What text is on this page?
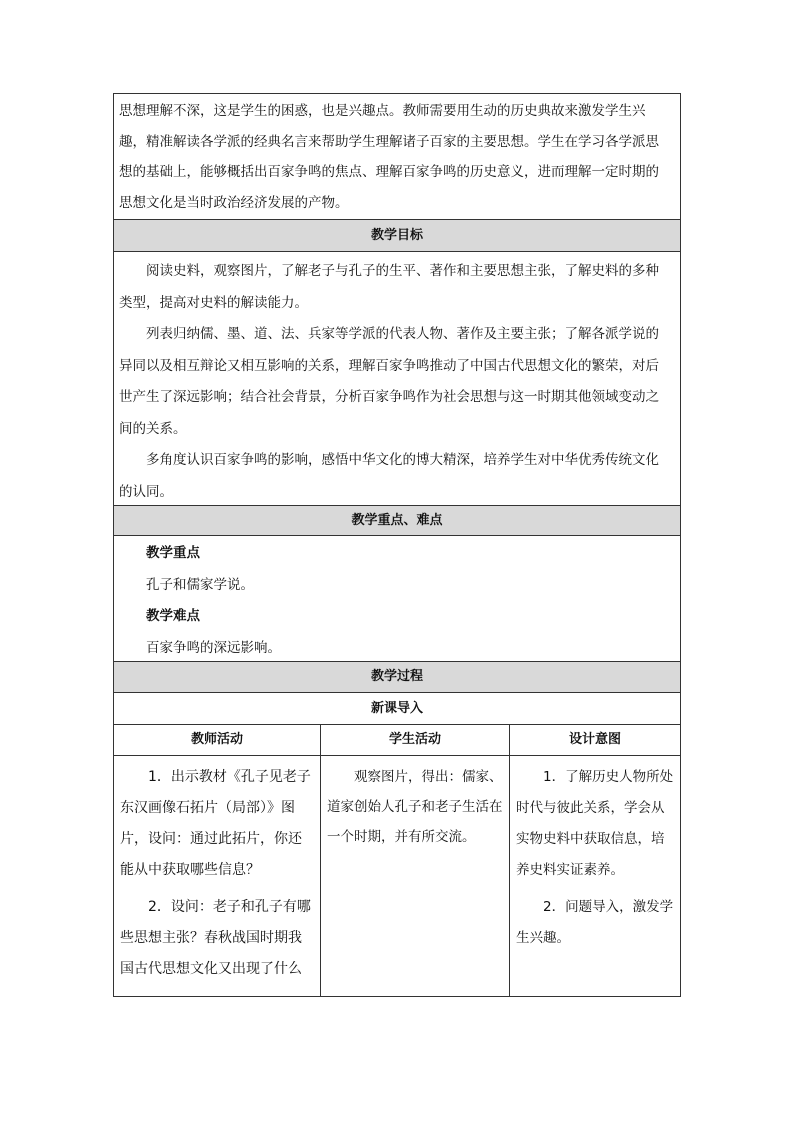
思想理解不深，这是学生的困惑，也是兴趣点。教师需要用生动的历史典故来激发学生兴趣，精准解读各学派的经典名言来帮助学生理解诸子百家的主要思想。学生在学习各学派思想的基础上，能够概括出百家争鸣的焦点、理解百家争鸣的历史意义，进而理解一定时期的思想文化是当时政治经济发展的产物。

教学目标

阅读史料，观察图片，了解老子与孔子的生平、著作和主要思想主张，了解史料的多种类型，提高对史料的解读能力。

列表归纳儒、墨、道、法、兵家等学派的代表人物、著作及主要主张；了解各派学说的异同以及相互辩论又相互影响的关系，理解百家争鸣推动了中国古代思想文化的繁荣，对后世产生了深远影响；结合社会背景，分析百家争鸣作为社会思想与这一时期其他领域变动之间的关系。

多角度认识百家争鸣的影响，感悟中华文化的博大精深，培养学生对中华优秀传统文化的认同。

教学重点、难点

教学重点

孔子和儒家学说。

教学难点

百家争鸣的深远影响。

教学过程
新课导入
教师活动	学生活动	设计意图

1．出示教材《孔子见老子东汉画像石拓片（局部）》图片，设问：通过此拓片，你还能从中获取哪些信息？

2．设问：老子和孔子有哪些思想主张？春秋战国时期我国古代思想文化又出现了什么

观察图片，得出：儒家、道家创始人孔子和老子生活在一个时期，并有所交流。

1．了解历史人物所处时代与彼此关系，学会从实物史料中获取信息，培养史料实证素养。

2．问题导入，激发学生兴趣。
